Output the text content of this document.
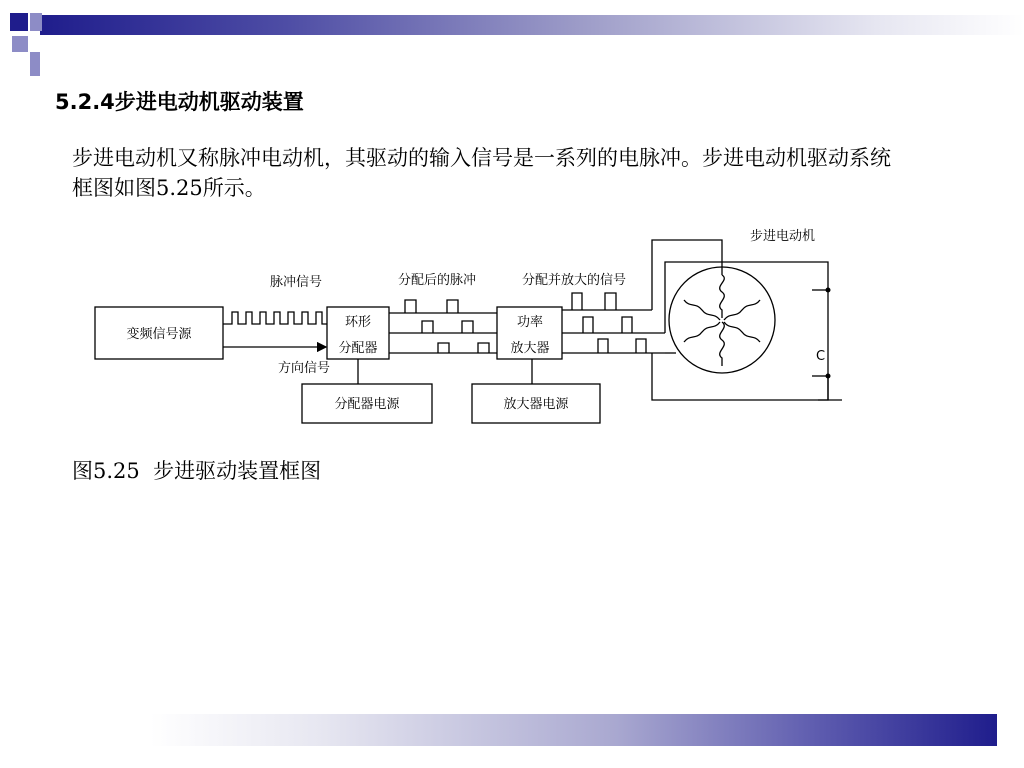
5.2.4步进电动机驱动装置
步进电动机又称脉冲电动机，其驱动的输入信号是一系列的电脉冲。步进电动机驱动系统框图如图5.25所示。
图5.25  步进驱动装置框图
变频信号源
环形
分配器
功率
放大器
分配器电源	放大器电源
脉冲信号
方向信号
分配后的脉冲	分配并放大的信号
步进电动机
C
